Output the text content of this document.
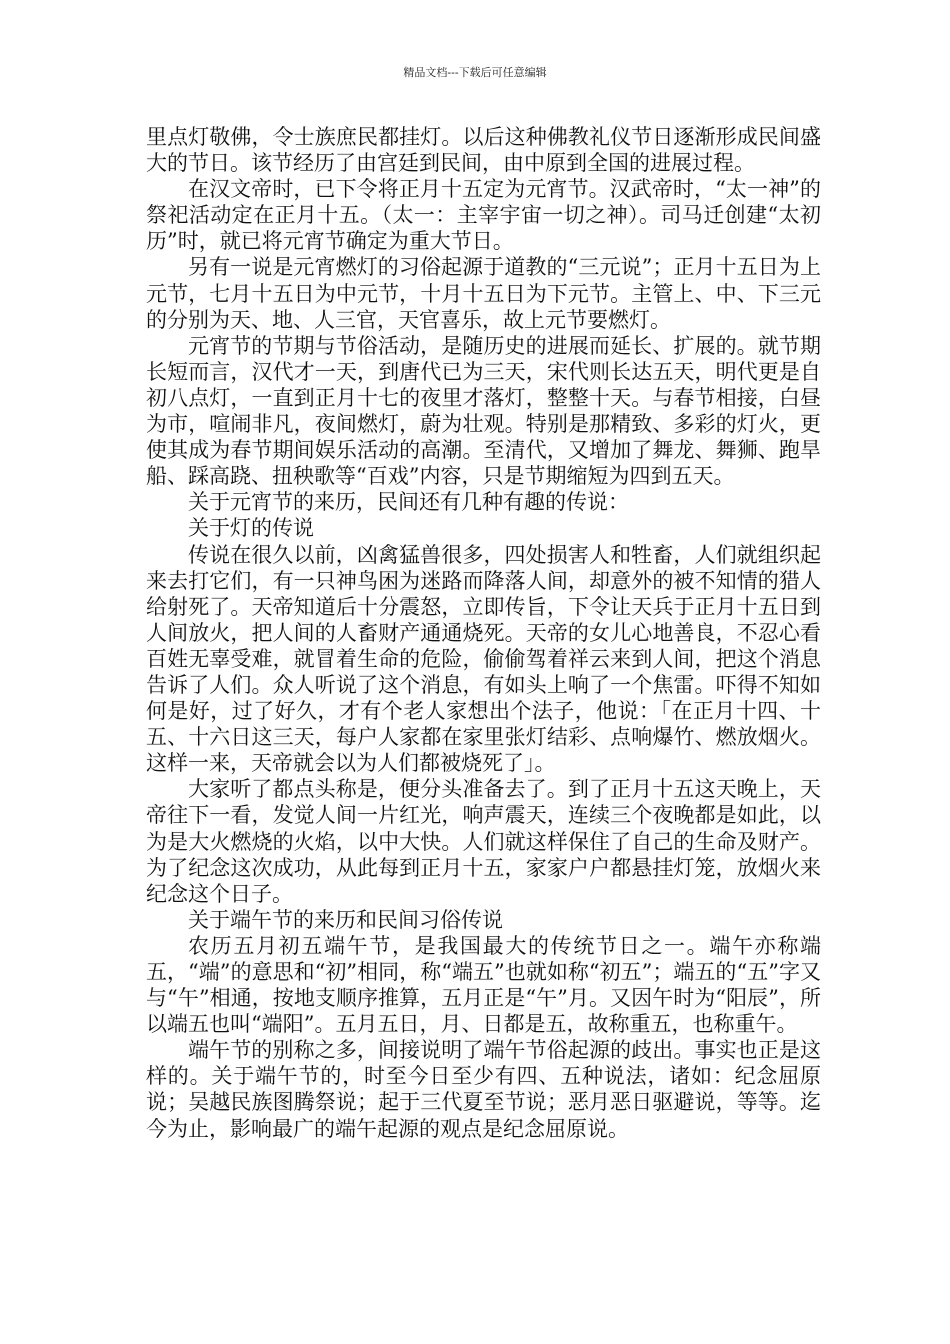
精品文档---下载后可任意编辑

里点灯敬佛，令士族庶民都挂灯。以后这种佛教礼仪节日逐渐形成民间盛大的节日。该节经历了由宫廷到民间，由中原到全国的进展过程。

在汉文帝时，已下令将正月十五定为元宵节。汉武帝时，“太一神”的祭祀活动定在正月十五。（太一：主宰宇宙一切之神）。司马迁创建“太初历”时，就已将元宵节确定为重大节日。

另有一说是元宵燃灯的习俗起源于道教的“三元说”；正月十五日为上元节，七月十五日为中元节，十月十五日为下元节。主管上、中、下三元的分别为天、地、人三官，天官喜乐，故上元节要燃灯。

元宵节的节期与节俗活动，是随历史的进展而延长、扩展的。就节期长短而言，汉代才一天，到唐代已为三天，宋代则长达五天，明代更是自初八点灯，一直到正月十七的夜里才落灯，整整十天。与春节相接，白昼为市，喧闹非凡，夜间燃灯，蔚为壮观。特别是那精致、多彩的灯火，更使其成为春节期间娱乐活动的高潮。至清代，又增加了舞龙、舞狮、跑旱船、踩高跷、扭秧歌等“百戏”内容，只是节期缩短为四到五天。

关于元宵节的来历，民间还有几种有趣的传说：

关于灯的传说

传说在很久以前，凶禽猛兽很多，四处损害人和牲畜，人们就组织起来去打它们，有一只神鸟困为迷路而降落人间，却意外的被不知情的猎人给射死了。天帝知道后十分震怒，立即传旨，下令让天兵于正月十五日到人间放火，把人间的人畜财产通通烧死。天帝的女儿心地善良，不忍心看百姓无辜受难，就冒着生命的危险，偷偷驾着祥云来到人间，把这个消息告诉了人们。众人听说了这个消息，有如头上响了一个焦雷。吓得不知如何是好，过了好久，才有个老人家想出个法子，他说：「在正月十四、十五、十六日这三天，每户人家都在家里张灯结彩、点响爆竹、燃放烟火。这样一来，天帝就会以为人们都被烧死了」。

大家听了都点头称是，便分头准备去了。到了正月十五这天晚上，天帝往下一看，发觉人间一片红光，响声震天，连续三个夜晚都是如此，以为是大火燃烧的火焰，以中大快。人们就这样保住了自己的生命及财产。为了纪念这次成功，从此每到正月十五，家家户户都悬挂灯笼，放烟火来纪念这个日子。

关于端午节的来历和民间习俗传说

农历五月初五端午节，是我国最大的传统节日之一。端午亦称端五，“端”的意思和“初”相同，称“端五”也就如称“初五”；端五的“五”字又与“午”相通，按地支顺序推算，五月正是“午”月。又因午时为“阳辰”，所以端五也叫“端阳”。五月五日，月、日都是五，故称重五，也称重午。

端午节的别称之多，间接说明了端午节俗起源的歧出。事实也正是这样的。关于端午节的，时至今日至少有四、五种说法，诸如：纪念屈原说；吴越民族图腾祭说；起于三代夏至节说；恶月恶日驱避说，等等。迄今为止，影响最广的端午起源的观点是纪念屈原说。
